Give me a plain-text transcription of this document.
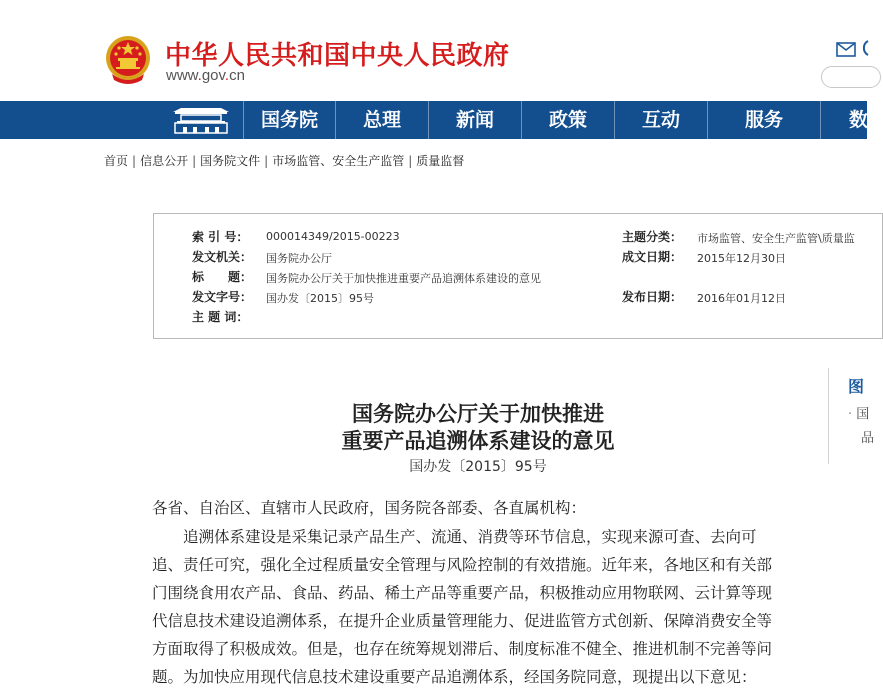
中华人民共和国中央人民政府
www.gov.cn
国务院	总理	新闻	政策	互动	服务	数
首页 | 信息公开 | 国务院文件 | 市场监管、安全生产监管 | 质量监督
索 引 号： 000014349/2015-00223	主题分类： 市场监管、安全生产监管\质量监
发文机关： 国务院办公厅	成文日期： 2015年12月30日
标　　题： 国务院办公厅关于加快推进重要产品追溯体系建设的意见
发文字号： 国办发〔2015〕95号	发布日期： 2016年01月12日
主 题 词：
图
· 国
品
国务院办公厅关于加快推进
重要产品追溯体系建设的意见
国办发〔2015〕95号
各省、自治区、直辖市人民政府，国务院各部委、各直属机构：
　　追溯体系建设是采集记录产品生产、流通、消费等环节信息，实现来源可查、去向可
追、责任可究，强化全过程质量安全管理与风险控制的有效措施。近年来，各地区和有关部
门围绕食用农产品、食品、药品、稀土产品等重要产品，积极推动应用物联网、云计算等现
代信息技术建设追溯体系，在提升企业质量管理能力、促进监管方式创新、保障消费安全等
方面取得了积极成效。但是，也存在统筹规划滞后、制度标准不健全、推进机制不完善等问
题。为加快应用现代信息技术建设重要产品追溯体系，经国务院同意，现提出以下意见：
